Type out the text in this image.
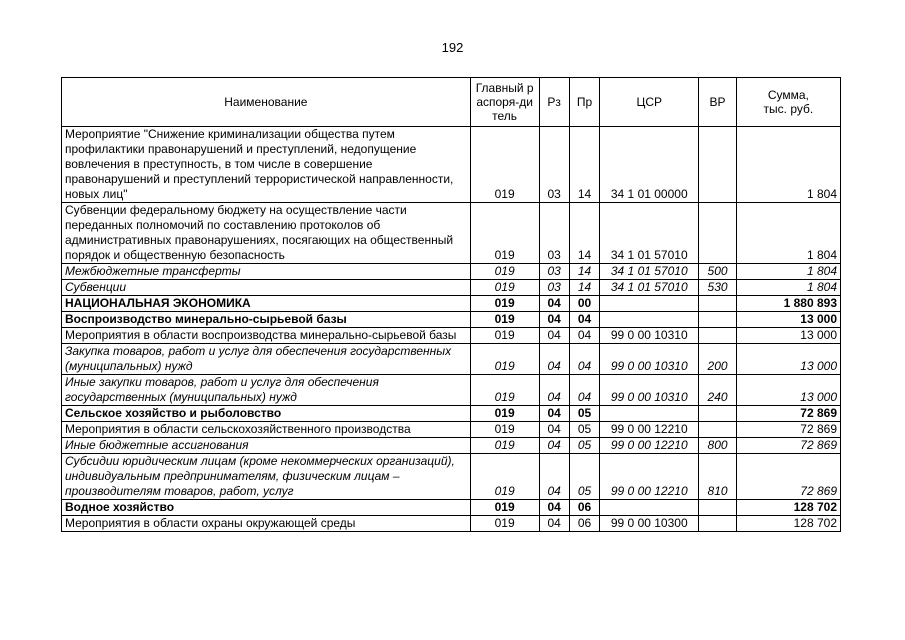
192
Наименование	Главный распоря-дитель	Рз	Пр	ЦСР	ВР	Сумма, тыс. руб.
Мероприятие "Снижение криминализации общества путем профилактики правонарушений и преступлений, недопущение вовлечения в преступность, в том числе в совершение правонарушений и преступлений террористической направленности, новых лиц"	019	03	14	34 1 01 00000		1 804
Субвенции федеральному бюджету на осуществление части переданных полномочий по составлению протоколов об административных правонарушениях, посягающих на общественный порядок и общественную безопасность	019	03	14	34 1 01 57010		1 804
Межбюджетные трансферты	019	03	14	34 1 01 57010	500	1 804
Субвенции	019	03	14	34 1 01 57010	530	1 804
НАЦИОНАЛЬНАЯ ЭКОНОМИКА	019	04	00			1 880 893
Воспроизводство минерально-сырьевой базы	019	04	04			13 000
Мероприятия в области воспроизводства минерально-сырьевой базы	019	04	04	99 0 00 10310		13 000
Закупка товаров, работ и услуг для обеспечения государственных (муниципальных) нужд	019	04	04	99 0 00 10310	200	13 000
Иные закупки товаров, работ и услуг для обеспечения государственных (муниципальных) нужд	019	04	04	99 0 00 10310	240	13 000
Сельское хозяйство и рыболовство	019	04	05			72 869
Мероприятия в области сельскохозяйственного производства	019	04	05	99 0 00 12210		72 869
Иные бюджетные ассигнования	019	04	05	99 0 00 12210	800	72 869
Субсидии юридическим лицам (кроме некоммерческих организаций), индивидуальным предпринимателям, физическим лицам – производителям товаров, работ, услуг	019	04	05	99 0 00 12210	810	72 869
Водное хозяйство	019	04	06			128 702
Мероприятия в области охраны окружающей среды	019	04	06	99 0 00 10300		128 702
